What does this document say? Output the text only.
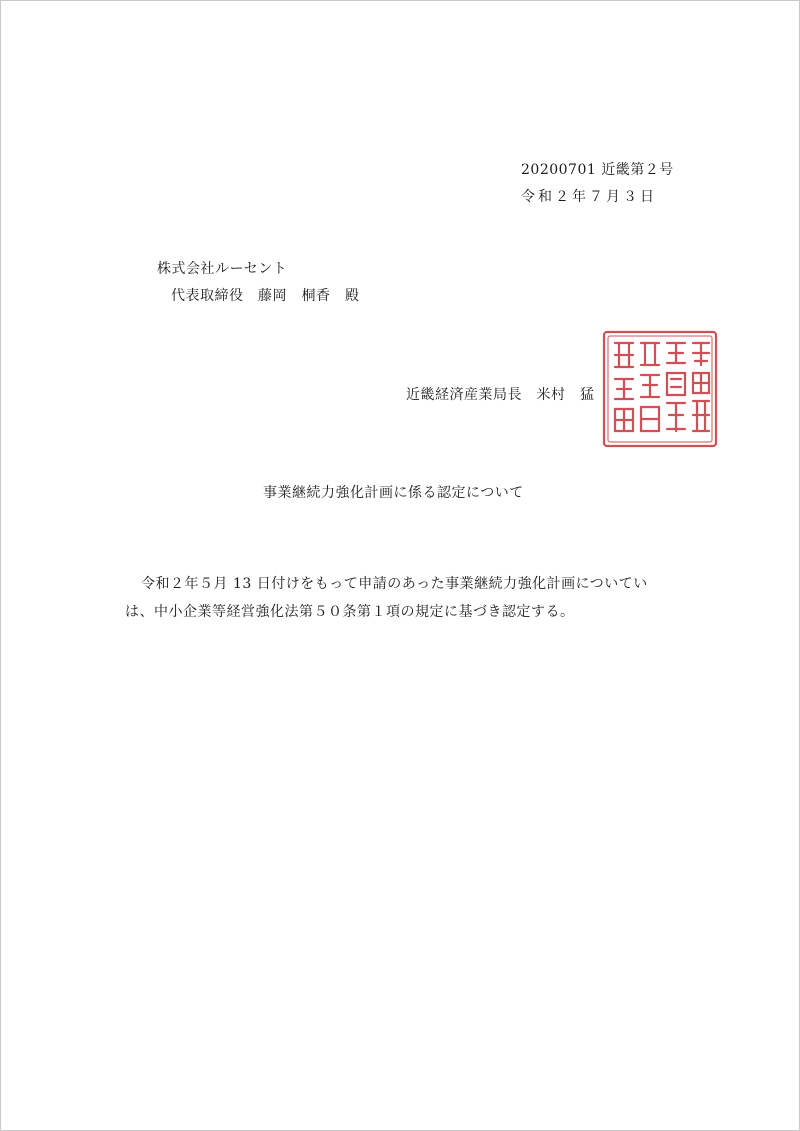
20200701 近畿第２号
令和２年７月３日
株式会社ルーセント
代表取締役　藤岡　桐香　殿
近畿経済産業局長　米村　猛
事業継続力強化計画に係る認定について
令和２年５月 13 日付けをもって申請のあった事業継続力強化計画についてい
は、中小企業等経営強化法第５０条第１項の規定に基づき認定する。
